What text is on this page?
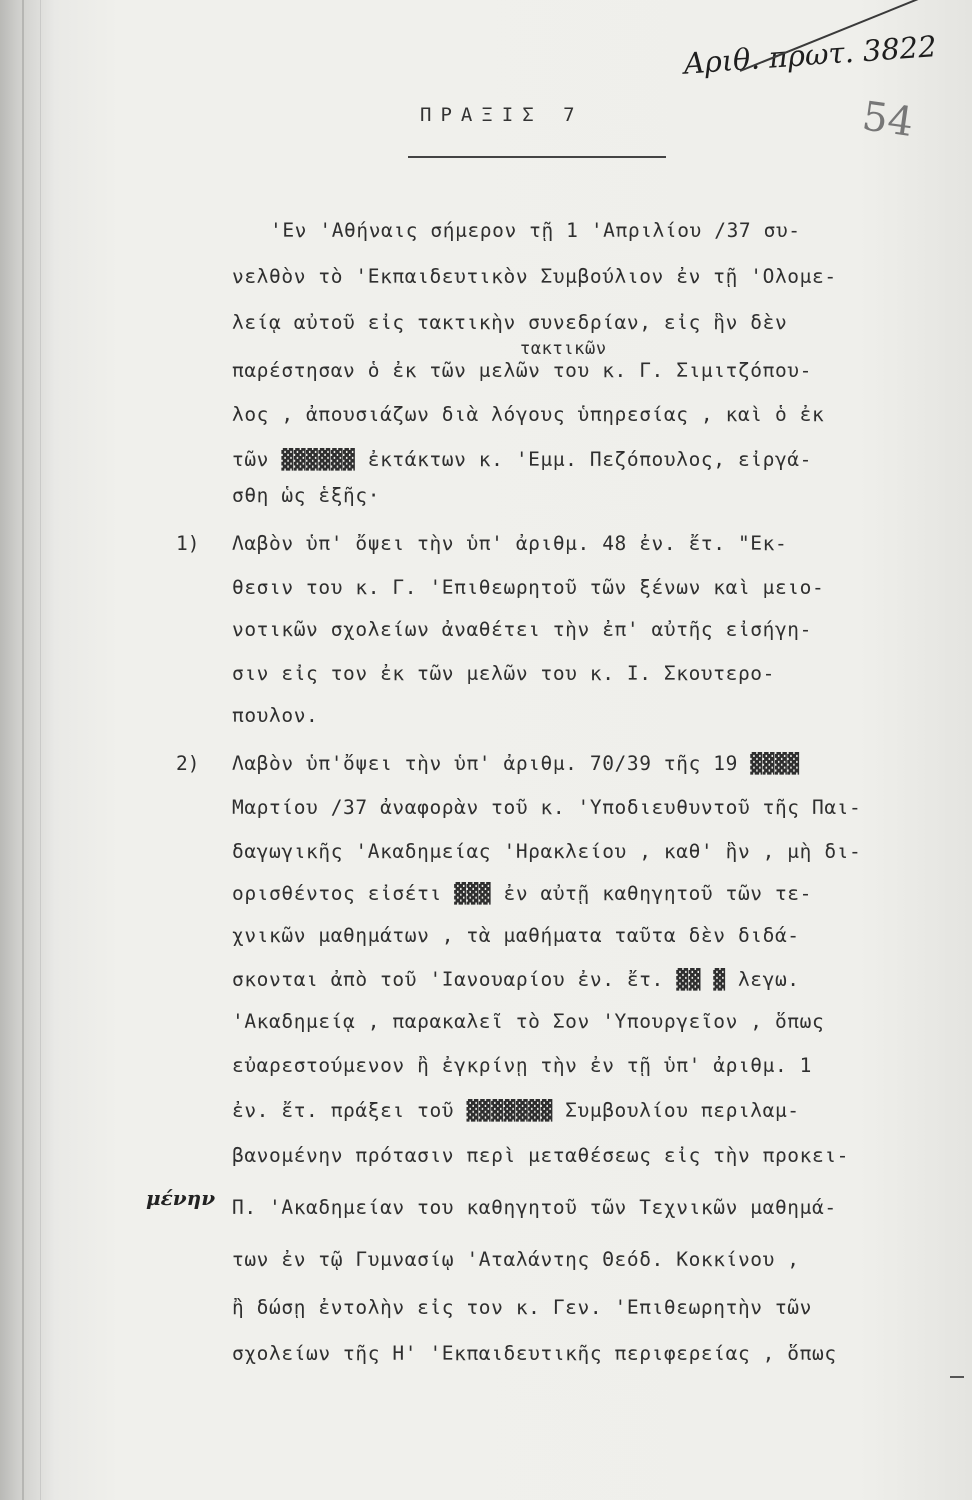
Αριθ. πρωτ. 3822
54
ΠΡΑΞΙΣ 7
'Εν 'Αθήναις σήμερον τῇ 1 'Απριλίου /37 συ-
νελθὸν τὸ 'Εκπαιδευτικὸν Συμβούλιον ἐν τῇ 'Ολομε-
λείᾳ αὐτοῦ εἰς τακτικὴν συνεδρίαν, εἰς ἣν δὲν
τακτικῶν
παρέστησαν ὁ ἐκ τῶν μελῶν του κ. Γ. Σιμιτζόπου-
λος , ἀπουσιάζων διὰ λόγους ὑπηρεσίας , καὶ ὁ ἐκ
τῶν ▓▓▓▓▓▓ ἐκτάκτων κ. 'Εμμ. Πεζόπουλος, εἰργά-
σθη ὡς ἑξῆς·
1)	Λαβὸν ὑπ' ὄψει τὴν ὑπ' ἀριθμ. 48 ἐν. ἔτ. "Εκ-
θεσιν του κ. Γ. 'Επιθεωρητοῦ τῶν ξένων καὶ μειο-
νοτικῶν σχολείων ἀναθέτει τὴν ἐπ' αὐτῆς εἰσήγη-
σιν εἰς τον ἐκ τῶν μελῶν του κ. Ι. Σκουτερο-
πουλον.
2)	Λαβὸν ὑπ'ὄψει τὴν ὑπ' ἀριθμ. 70/39 τῆς 19 ▓▓▓▓
Μαρτίου /37 ἀναφορὰν τοῦ κ. 'Υποδιευθυντοῦ τῆς Παι-
δαγωγικῆς 'Ακαδημείας 'Ηρακλείου , καθ' ἣν , μὴ δι-
ορισθέντος εἰσέτι ▓▓▓ ἐν αὐτῇ καθηγητοῦ τῶν τε-
χνικῶν μαθημάτων , τὰ μαθήματα ταῦτα δὲν διδά-
σκονται ἀπὸ τοῦ 'Ιανουαρίου ἐν. ἔτ. ▓▓ ▓ λεγω.
'Ακαδημείᾳ , παρακαλεῖ τὸ Σον 'Υπουργεῖον , ὅπως
εὐαρεστούμενον ἢ ἐγκρίνῃ τὴν ἐν τῇ ὑπ' ἀριθμ. 1
ἐν. ἔτ. πράξει τοῦ ▓▓▓▓▓▓▓ Συμβουλίου περιλαμ-
βανομένην πρότασιν περὶ μεταθέσεως εἰς τὴν προκει-
μένην Π. 'Ακαδημείαν του καθηγητοῦ τῶν Τεχνικῶν μαθημά-
των ἐν τῷ Γυμνασίῳ 'Αταλάντης Θεόδ. Κοκκίνου ,
ἢ δώσῃ ἐντολὴν εἰς τον κ. Γεν. 'Επιθεωρητὴν τῶν
σχολείων τῆς Η' 'Εκπαιδευτικῆς περιφερείας , ὅπως
